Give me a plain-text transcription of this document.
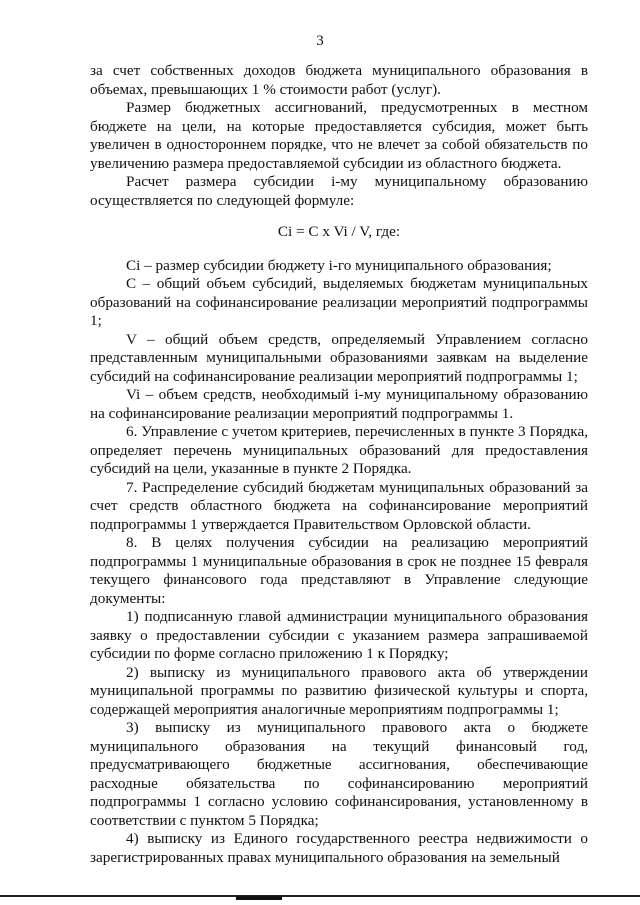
3

за счет собственных доходов бюджета муниципального образования в объемах, превышающих 1 % стоимости работ (услуг).

Размер бюджетных ассигнований, предусмотренных в местном бюджете на цели, на которые предоставляется субсидия, может быть увеличен в одностороннем порядке, что не влечет за собой обязательств по увеличению размера предоставляемой субсидии из областного бюджета.

Расчет размера субсидии i-му муниципальному образованию осуществляется по следующей формуле:

Ci = C x Vi / V, где:

Ci – размер субсидии бюджету i-го муниципального образования;

C – общий объем субсидий, выделяемых бюджетам муниципальных образований на софинансирование реализации мероприятий подпрограммы 1;

V – общий объем средств, определяемый Управлением согласно представленным муниципальными образованиями заявкам на выделение субсидий на софинансирование реализации мероприятий подпрограммы 1;

Vi – объем средств, необходимый i-му муниципальному образованию на софинансирование реализации мероприятий подпрограммы 1.

6. Управление с учетом критериев, перечисленных в пункте 3 Порядка, определяет перечень муниципальных образований для предоставления субсидий на цели, указанные в пункте 2 Порядка.

7. Распределение субсидий бюджетам муниципальных образований за счет средств областного бюджета на софинансирование мероприятий подпрограммы 1 утверждается Правительством Орловской области.

8. В целях получения субсидии на реализацию мероприятий подпрограммы 1 муниципальные образования в срок не позднее 15 февраля текущего финансового года представляют в Управление следующие документы:

1) подписанную главой администрации муниципального образования заявку о предоставлении субсидии с указанием размера запрашиваемой субсидии по форме согласно приложению 1 к Порядку;

2) выписку из муниципального правового акта об утверждении муниципальной программы по развитию физической культуры и спорта, содержащей мероприятия аналогичные мероприятиям подпрограммы 1;

3) выписку из муниципального правового акта о бюджете муниципального образования на текущий финансовый год, предусматривающего бюджетные ассигнования, обеспечивающие расходные обязательства по софинансированию мероприятий подпрограммы 1 согласно условию софинансирования, установленному в соответствии с пунктом 5 Порядка;

4) выписку из Единого государственного реестра недвижимости о зарегистрированных правах муниципального образования на земельный
